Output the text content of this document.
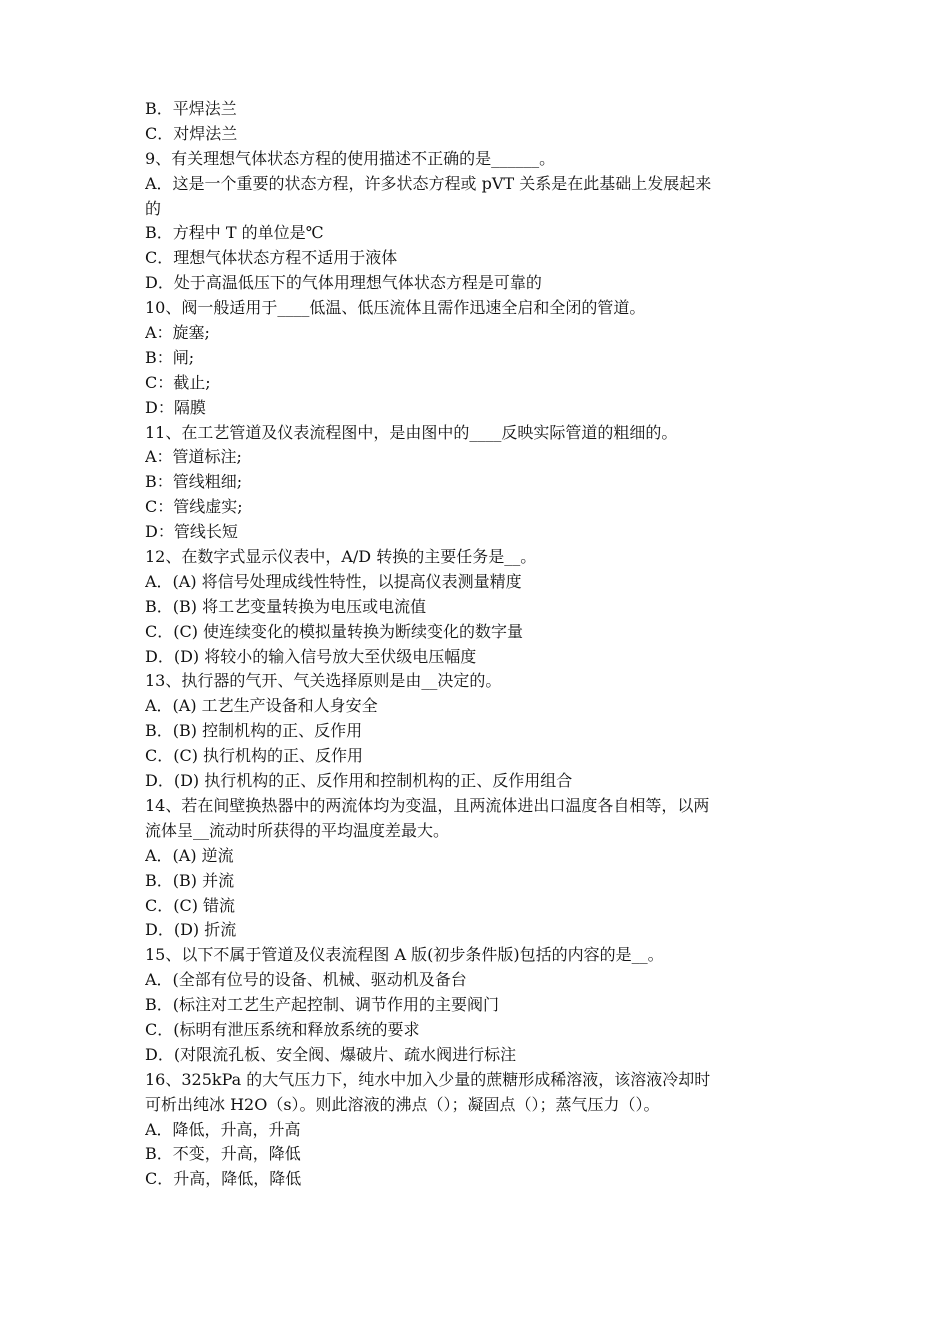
B．平焊法兰
C．对焊法兰
9、有关理想气体状态方程的使用描述不正确的是______。
A．这是一个重要的状态方程，许多状态方程或 pVT 关系是在此基础上发展起来
的
B．方程中 T 的单位是℃
C．理想气体状态方程不适用于液体
D．处于高温低压下的气体用理想气体状态方程是可靠的
10、阀一般适用于____低温、低压流体且需作迅速全启和全闭的管道。
A：旋塞;
B：闸;
C：截止;
D：隔膜
11、在工艺管道及仪表流程图中，是由图中的____反映实际管道的粗细的。
A：管道标注;
B：管线粗细;
C：管线虚实;
D：管线长短
12、在数字式显示仪表中，A/D 转换的主要任务是__。
A．(A) 将信号处理成线性特性，以提高仪表测量精度
B．(B) 将工艺变量转换为电压或电流值
C．(C) 使连续变化的模拟量转换为断续变化的数字量
D．(D) 将较小的输入信号放大至伏级电压幅度
13、执行器的气开、气关选择原则是由__决定的。
A．(A) 工艺生产设备和人身安全
B．(B) 控制机构的正、反作用
C．(C) 执行机构的正、反作用
D．(D) 执行机构的正、反作用和控制机构的正、反作用组合
14、若在间壁换热器中的两流体均为变温，且两流体进出口温度各自相等，以两
流体呈__流动时所获得的平均温度差最大。
A．(A) 逆流
B．(B) 并流
C．(C) 错流
D．(D) 折流
15、以下不属于管道及仪表流程图 A 版(初步条件版)包括的内容的是__。
A．(全部有位号的设备、机械、驱动机及备台
B．(标注对工艺生产起控制、调节作用的主要阀门
C．(标明有泄压系统和释放系统的要求
D．(对限流孔板、安全阀、爆破片、疏水阀进行标注
16、325kPa 的大气压力下，纯水中加入少量的蔗糖形成稀溶液，该溶液冷却时
可析出纯冰 H2O（s）。则此溶液的沸点（）；凝固点（）；蒸气压力（）。
A．降低，升高，升高
B．不变，升高，降低
C．升高，降低，降低
